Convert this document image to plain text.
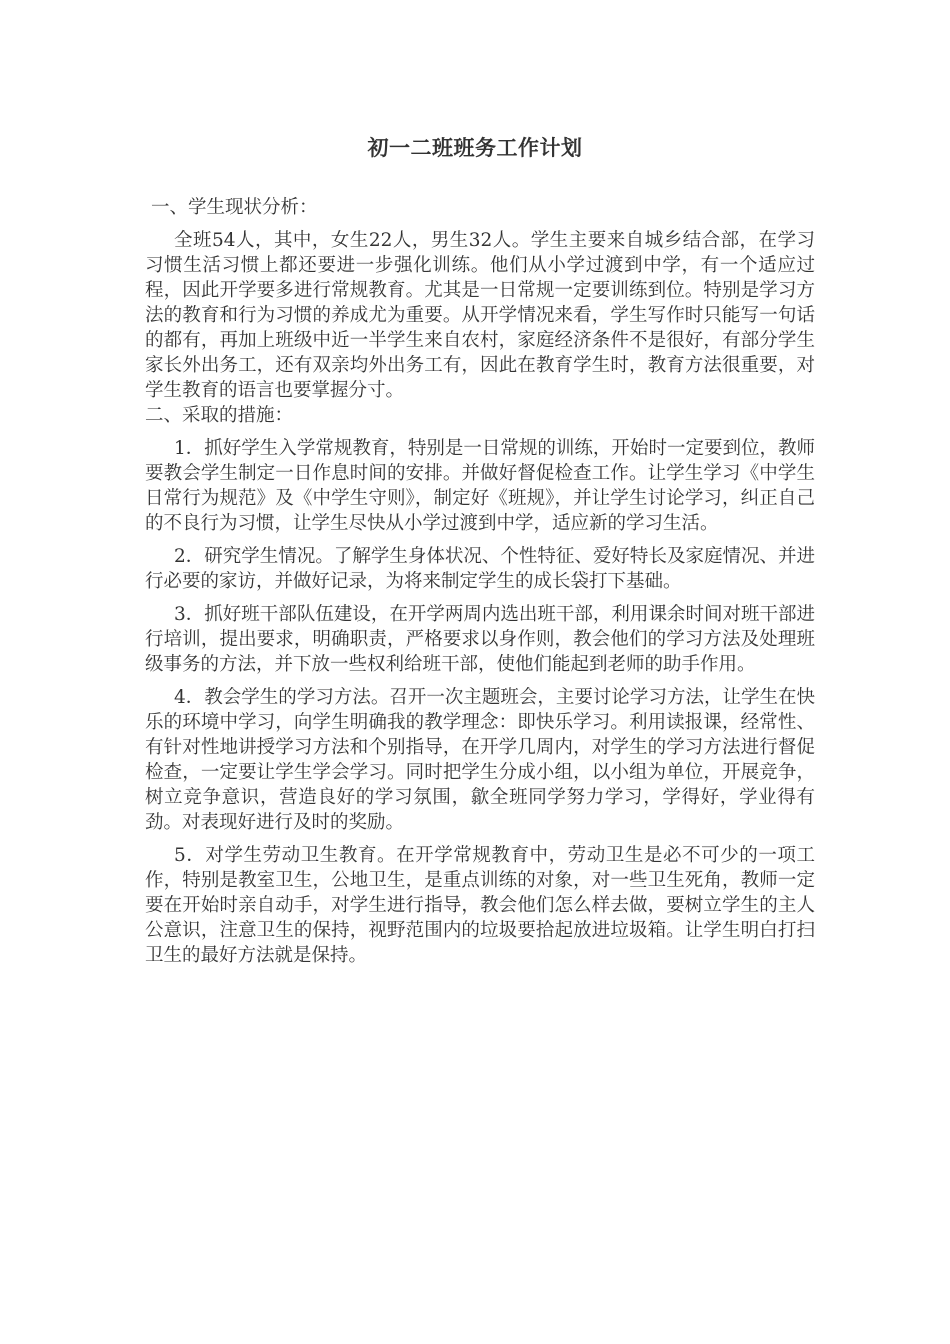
初一二班班务工作计划

一、学生现状分析：

全班54人，其中，女生22人，男生32人。学生主要来自城乡结合部，在学习习惯生活习惯上都还要进一步强化训练。他们从小学过渡到中学，有一个适应过程，因此开学要多进行常规教育。尤其是一日常规一定要训练到位。特别是学习方法的教育和行为习惯的养成尤为重要。从开学情况来看，学生写作时只能写一句话的都有，再加上班级中近一半学生来自农村，家庭经济条件不是很好，有部分学生家长外出务工，还有双亲均外出务工有，因此在教育学生时，教育方法很重要，对学生教育的语言也要掌握分寸。

二、采取的措施：

1．抓好学生入学常规教育，特别是一日常规的训练，开始时一定要到位，教师要教会学生制定一日作息时间的安排。并做好督促检查工作。让学生学习《中学生日常行为规范》及《中学生守则》，制定好《班规》，并让学生讨论学习，纠正自己的不良行为习惯，让学生尽快从小学过渡到中学，适应新的学习生活。

2．研究学生情况。了解学生身体状况、个性特征、爱好特长及家庭情况、并进行必要的家访，并做好记录，为将来制定学生的成长袋打下基础。

3．抓好班干部队伍建设，在开学两周内选出班干部，利用课余时间对班干部进行培训，提出要求，明确职责，严格要求以身作则，教会他们的学习方法及处理班级事务的方法，并下放一些权利给班干部，使他们能起到老师的助手作用。

4．教会学生的学习方法。召开一次主题班会，主要讨论学习方法，让学生在快乐的环境中学习，向学生明确我的教学理念：即快乐学习。利用读报课，经常性、有针对性地讲授学习方法和个别指导，在开学几周内，对学生的学习方法进行督促检查，一定要让学生学会学习。同时把学生分成小组，以小组为单位，开展竞争，树立竞争意识，营造良好的学习氛围，歙全班同学努力学习，学得好，学业得有劲。对表现好进行及时的奖励。

5．对学生劳动卫生教育。在开学常规教育中，劳动卫生是必不可少的一项工作，特别是教室卫生，公地卫生，是重点训练的对象，对一些卫生死角，教师一定要在开始时亲自动手，对学生进行指导，教会他们怎么样去做，要树立学生的主人公意识，注意卫生的保持，视野范围内的垃圾要拾起放进垃圾箱。让学生明白打扫卫生的最好方法就是保持。
